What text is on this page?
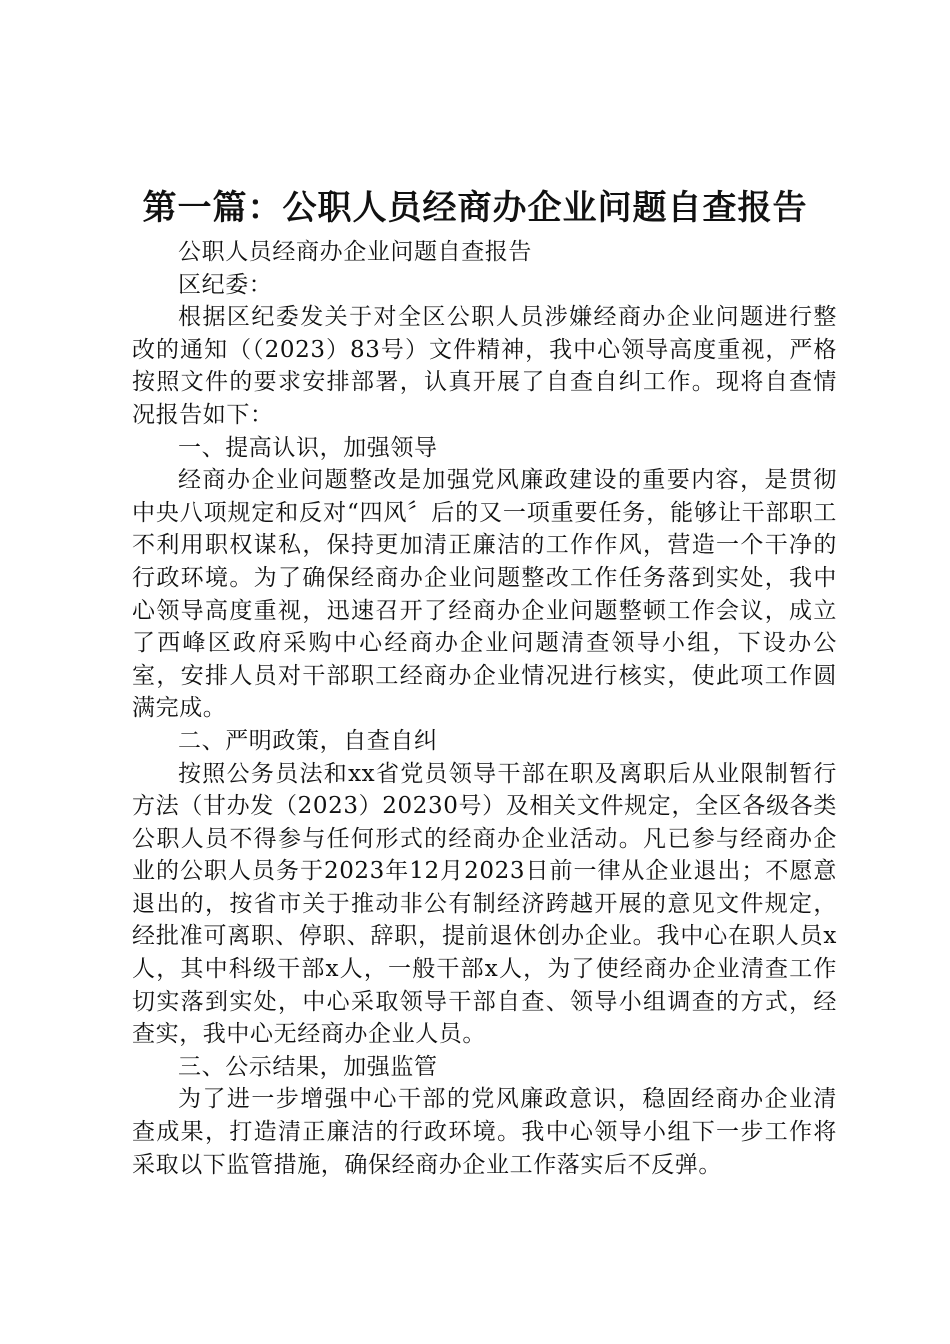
第一篇：公职人员经商办企业问题自查报告

公职人员经商办企业问题自查报告

区纪委：

根据区纪委发关于对全区公职人员涉嫌经商办企业问题进行整改的通知（（2023）83号）文件精神，我中心领导高度重视，严格按照文件的要求安排部署，认真开展了自查自纠工作。现将自查情况报告如下：

一、提高认识，加强领导

经商办企业问题整改是加强党风廉政建设的重要内容，是贯彻中央八项规定和反对“四风〞后的又一项重要任务，能够让干部职工不利用职权谋私，保持更加清正廉洁的工作作风，营造一个干净的行政环境。为了确保经商办企业问题整改工作任务落到实处，我中心领导高度重视，迅速召开了经商办企业问题整顿工作会议，成立了西峰区政府采购中心经商办企业问题清查领导小组，下设办公室，安排人员对干部职工经商办企业情况进行核实，使此项工作圆满完成。

二、严明政策，自查自纠

按照公务员法和xx省党员领导干部在职及离职后从业限制暂行方法（甘办发（2023）20230号）及相关文件规定，全区各级各类公职人员不得参与任何形式的经商办企业活动。凡已参与经商办企业的公职人员务于2023年12月2023日前一律从企业退出；不愿意退出的，按省市关于推动非公有制经济跨越开展的意见文件规定，经批准可离职、停职、辞职，提前退休创办企业。我中心在职人员x人，其中科级干部x人，一般干部x人，为了使经商办企业清查工作切实落到实处，中心采取领导干部自查、领导小组调查的方式，经查实，我中心无经商办企业人员。

三、公示结果，加强监管

为了进一步增强中心干部的党风廉政意识，稳固经商办企业清查成果，打造清正廉洁的行政环境。我中心领导小组下一步工作将采取以下监管措施，确保经商办企业工作落实后不反弹。
